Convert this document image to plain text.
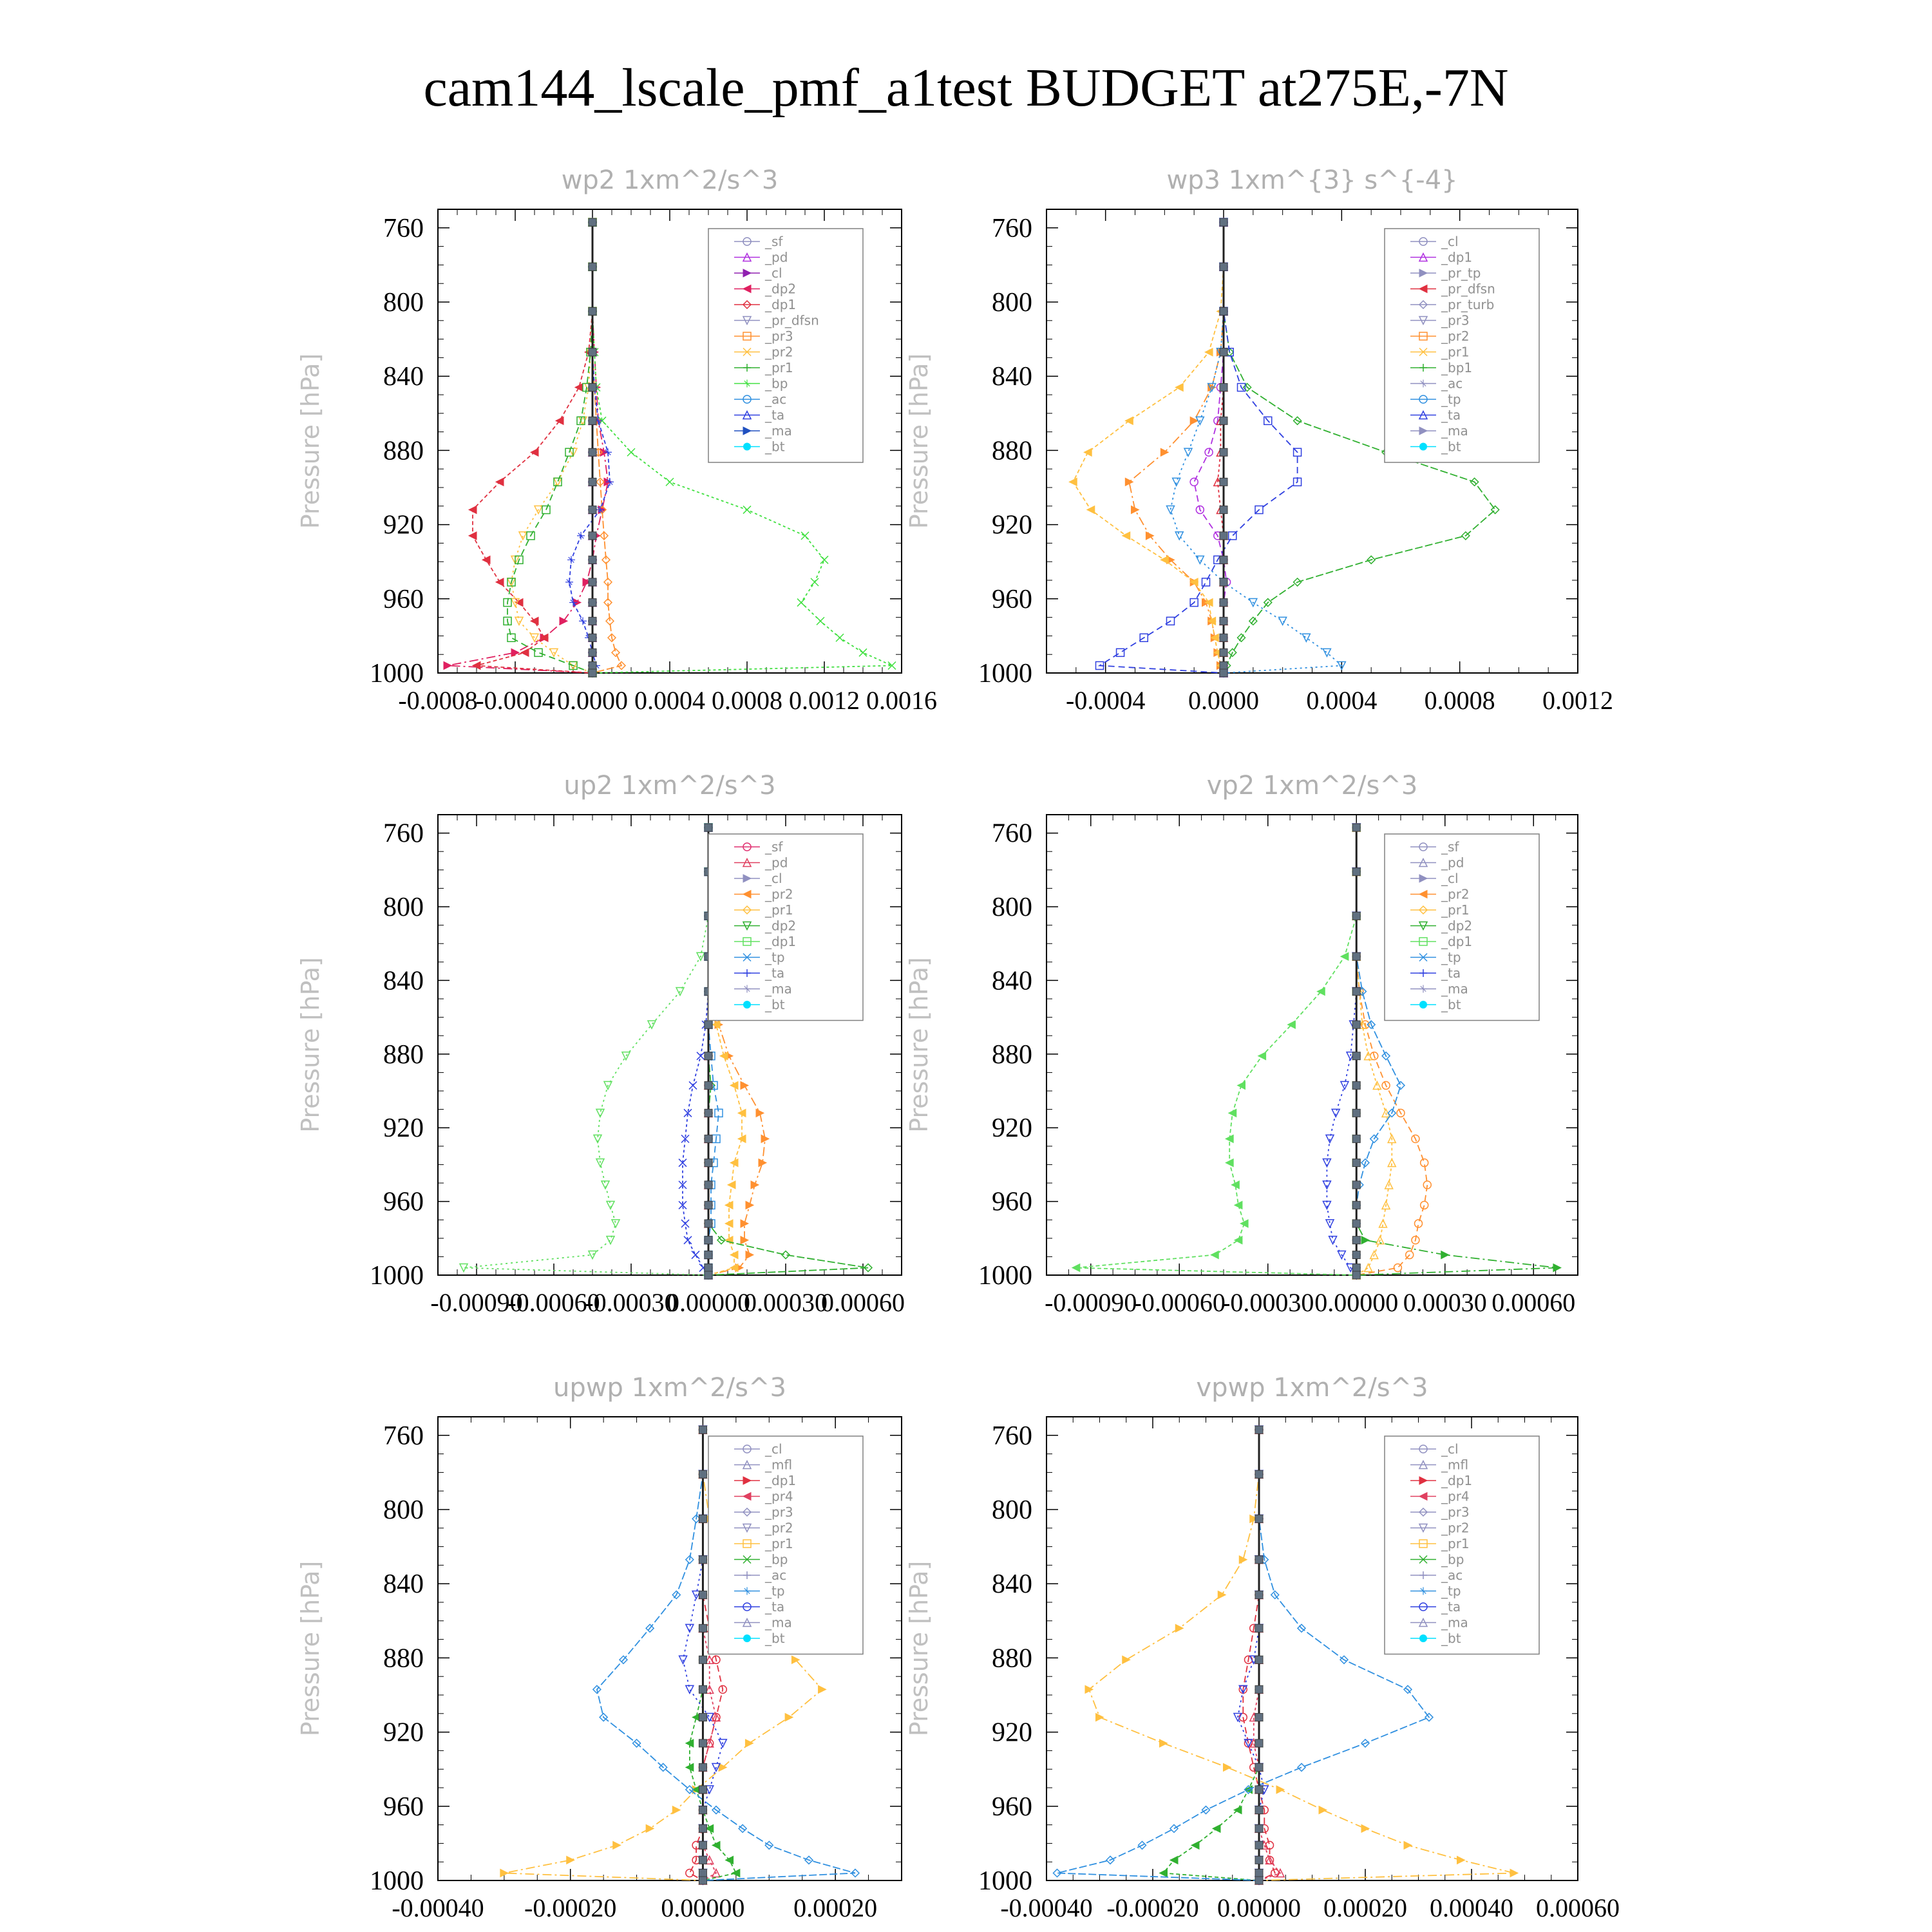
cam144_lscale_pmf_a1test BUDGET at275E,-7N
wp2 1xm^2/s^3
Pressure [hPa]
760
800
840
880
920
960
1000
-0.0008
-0.0004 0.0000 0.0004 0.0008 0.0012 0.0016
_sf
_pd
_cl
_dp2
_dp1
_pr_dfsn
_pr3
_pr2
_pr1
_bp
_ac
_ta
_ma
_bt
wp3 1xm^{3} s^{-4}
Pressure [hPa]
760
800
840
880
920
960
1000
-0.0004 0.0000 0.0004 0.0008 0.0012
_cl
_dp1
_pr_tp
_pr_dfsn
_pr_turb
_pr3
_pr2
_pr1
_bp1
_ac
_tp
_ta
_ma
_bt
up2 1xm^2/s^3
Pressure [hPa]
760
800
840
880
920
960
1000
-0.00090
-0.00060
-0.00030
0.00000
0.00030
0.00060
_sf
_pd
_cl
_pr2
_pr1
_dp2
_dp1
_tp
_ta
_ma
_bt
vp2 1xm^2/s^3
Pressure [hPa]
760
800
840
880
920
960
1000
-0.00090
-0.00060
-0.00030 0.00000 0.00030 0.00060
_sf
_pd
_cl
_pr2
_pr1
_dp2
_dp1
_tp
_ta
_ma
_bt
upwp 1xm^2/s^3
Pressure [hPa]
760
800
840
880
920
960
1000
-0.00040 -0.00020 0.00000 0.00020
_cl
_mfl
_dp1
_pr4
_pr3
_pr2
_pr1
_bp
_ac
_tp
_ta
_ma
_bt
vpwp 1xm^2/s^3
Pressure [hPa]
760
800
840
880
920
960
1000
-0.00040 -0.00020 0.00000 0.00020 0.00040 0.00060
_cl
_mfl
_dp1
_pr4
_pr3
_pr2
_pr1
_bp
_ac
_tp
_ta
_ma
_bt
